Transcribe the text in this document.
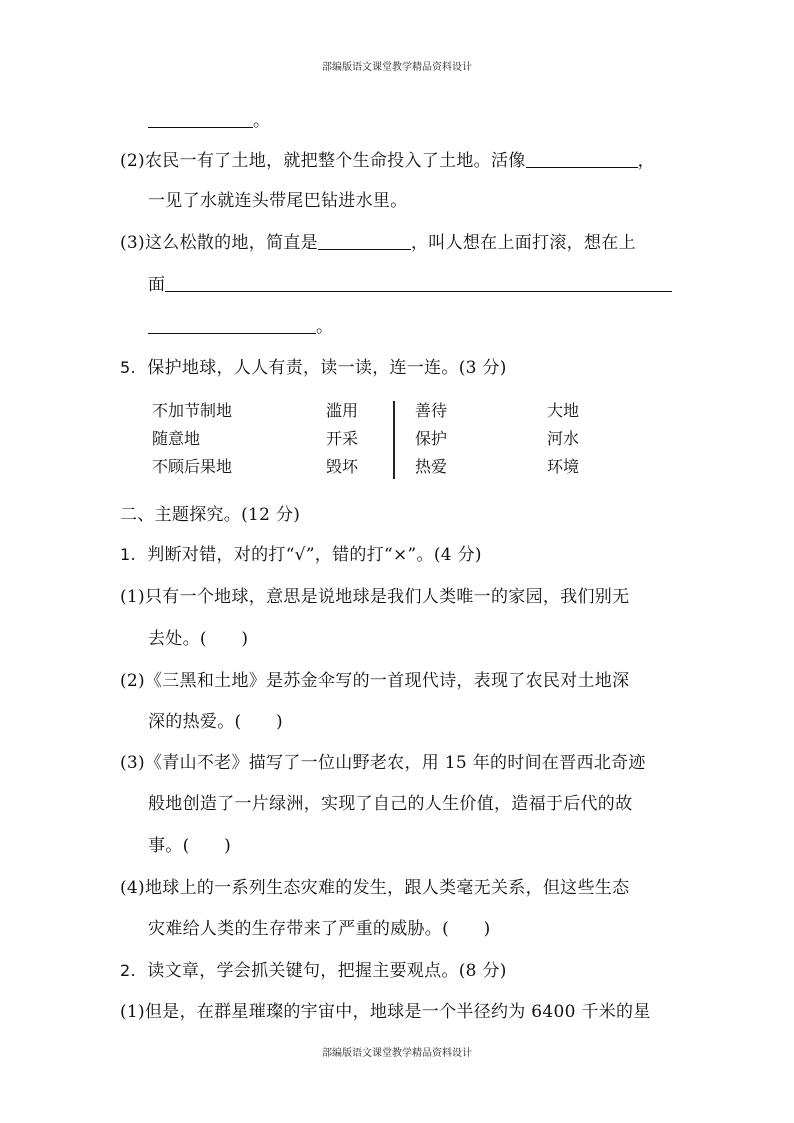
部编版语文课堂教学精品资料设计
。
(2)农民一有了土地，就把整个生命投入了土地。活像	，
一见了水就连头带尾巴钻进水里。
(3)这么松散的地，简直是	，叫人想在上面打滚，想在上
面
。
5. 保护地球，人人有责，读一读，连一连。(3 分)
不加节制地
随意地
不顾后果地
滥用
开采
毁坏
善待
保护
热爱
大地
河水
环境
二、主题探究。(12 分)
1. 判断对错，对的打“√”，错的打“×”。(4 分)
(1)只有一个地球，意思是说地球是我们人类唯一的家园，我们别无
去处。(　　)
(2)《三黑和土地》是苏金伞写的一首现代诗，表现了农民对土地深
深的热爱。(　　)
(3)《青山不老》描写了一位山野老农，用 15 年的时间在晋西北奇迹
般地创造了一片绿洲，实现了自己的人生价值，造福于后代的故
事。(　　)
(4)地球上的一系列生态灾难的发生，跟人类毫无关系，但这些生态
灾难给人类的生存带来了严重的威胁。(　　)
2. 读文章，学会抓关键句，把握主要观点。(8 分)
(1)但是，在群星璀璨的宇宙中，地球是一个半径约为 6400 千米的星
部编版语文课堂教学精品资料设计
